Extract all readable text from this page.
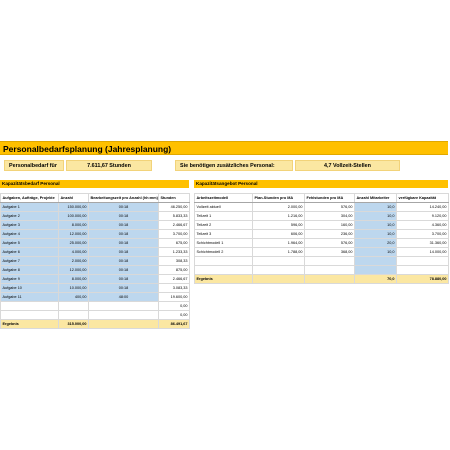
Personalbedarfsplanung (Jahresplanung)
Personalbedarf für	7.611,67 Stunden	Sie benötigen zusätzliches Personal:	4,7 Vollzeit-Stellen
Kapazitätsbedarf Personal	Kapazitätsangebot Personal
Aufgaben, Aufträge, Projekte	Anzahl	Bearbeitungszeit pro Anzahl (hh:mm)	Stunden
Aufgabe 1	150.000,00	00:18	46.250,00
Aufgabe 2	100.000,00	00:18	5.833,33
Aufgabe 3	8.000,00	00:18	2.466,67
Aufgabe 4	12.000,00	00:18	3.700,00
Aufgabe 5	25.000,00	00:18	675,00
Aufgabe 6	4.000,00	00:18	1.233,33
Aufgabe 7	2.000,00	00:18	308,33
Aufgabe 8	12.000,00	00:18	875,00
Aufgabe 9	8.000,00	00:18	2.466,67
Aufgabe 10	10.000,00	00:18	3.083,33
Aufgabe 11	400,00	48:00	19.600,00
			0,00
			0,00
Ergebnis	315.000,00		86.491,67
Arbeitszeitmodell	Plan-Stunden pro MA	Fehlstunden pro MA	Anzahl Mitarbeiter	verfügbare Kapazität
Vollzeit aktuell	2.000,00	576,00	10,0	14.240,00
Teilzeit 1	1.216,00	304,00	10,0	9.120,00
Teilzeit 2	596,00	160,00	10,0	4.360,00
Teilzeit 3	606,00	236,00	10,0	3.700,00
Schichtmodell 1	1.964,00	576,00	20,0	31.360,00
Schichtmodell 2	1.788,00	368,00	10,0	14.000,00

Ergebnis			70,0	78.880,00
